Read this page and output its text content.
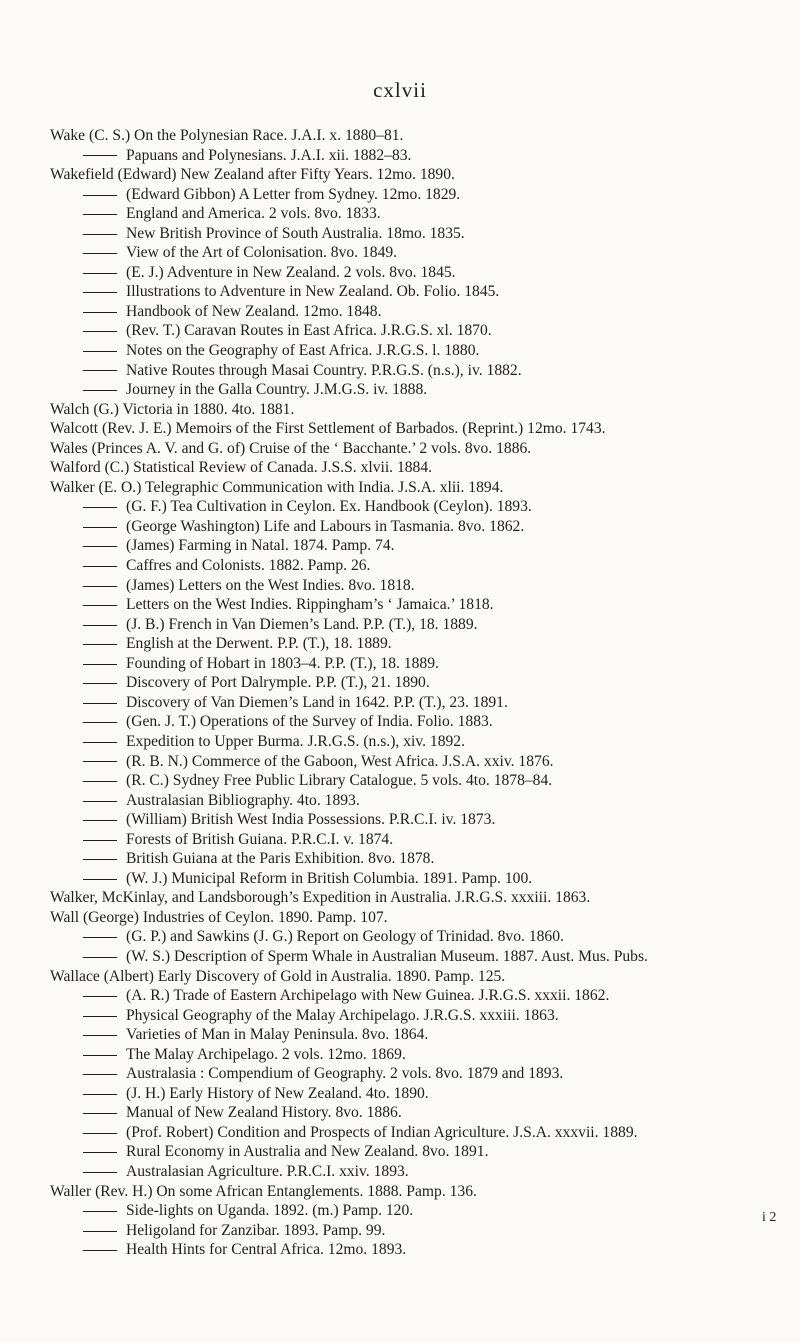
cxlvii
Wake (C. S.) On the Polynesian Race. J.A.I. x. 1880–81.
Papuans and Polynesians. J.A.I. xii. 1882–83.
Wakefield (Edward) New Zealand after Fifty Years. 12mo. 1890.
(Edward Gibbon) A Letter from Sydney. 12mo. 1829.
England and America. 2 vols. 8vo. 1833.
New British Province of South Australia. 18mo. 1835.
View of the Art of Colonisation. 8vo. 1849.
(E. J.) Adventure in New Zealand. 2 vols. 8vo. 1845.
Illustrations to Adventure in New Zealand. Ob. Folio. 1845.
Handbook of New Zealand. 12mo. 1848.
(Rev. T.) Caravan Routes in East Africa. J.R.G.S. xl. 1870.
Notes on the Geography of East Africa. J.R.G.S. l. 1880.
Native Routes through Masai Country. P.R.G.S. (n.s.), iv. 1882.
Journey in the Galla Country. J.M.G.S. iv. 1888.
Walch (G.) Victoria in 1880. 4to. 1881.
Walcott (Rev. J. E.) Memoirs of the First Settlement of Barbados. (Reprint.) 12mo. 1743.
Wales (Princes A. V. and G. of) Cruise of the ‘ Bacchante.’ 2 vols. 8vo. 1886.
Walford (C.) Statistical Review of Canada. J.S.S. xlvii. 1884.
Walker (E. O.) Telegraphic Communication with India. J.S.A. xlii. 1894.
(G. F.) Tea Cultivation in Ceylon. Ex. Handbook (Ceylon). 1893.
(George Washington) Life and Labours in Tasmania. 8vo. 1862.
(James) Farming in Natal. 1874. Pamp. 74.
Caffres and Colonists. 1882. Pamp. 26.
(James) Letters on the West Indies. 8vo. 1818.
Letters on the West Indies. Rippingham’s ‘ Jamaica.’ 1818.
(J. B.) French in Van Diemen’s Land. P.P. (T.), 18. 1889.
English at the Derwent. P.P. (T.), 18. 1889.
Founding of Hobart in 1803–4. P.P. (T.), 18. 1889.
Discovery of Port Dalrymple. P.P. (T.), 21. 1890.
Discovery of Van Diemen’s Land in 1642. P.P. (T.), 23. 1891.
(Gen. J. T.) Operations of the Survey of India. Folio. 1883.
Expedition to Upper Burma. J.R.G.S. (n.s.), xiv. 1892.
(R. B. N.) Commerce of the Gaboon, West Africa. J.S.A. xxiv. 1876.
(R. C.) Sydney Free Public Library Catalogue. 5 vols. 4to. 1878–84.
Australasian Bibliography. 4to. 1893.
(William) British West India Possessions. P.R.C.I. iv. 1873.
Forests of British Guiana. P.R.C.I. v. 1874.
British Guiana at the Paris Exhibition. 8vo. 1878.
(W. J.) Municipal Reform in British Columbia. 1891. Pamp. 100.
Walker, McKinlay, and Landsborough’s Expedition in Australia. J.R.G.S. xxxiii. 1863.
Wall (George) Industries of Ceylon. 1890. Pamp. 107.
(G. P.) and Sawkins (J. G.) Report on Geology of Trinidad. 8vo. 1860.
(W. S.) Description of Sperm Whale in Australian Museum. 1887. Aust. Mus. Pubs.
Wallace (Albert) Early Discovery of Gold in Australia. 1890. Pamp. 125.
(A. R.) Trade of Eastern Archipelago with New Guinea. J.R.G.S. xxxii. 1862.
Physical Geography of the Malay Archipelago. J.R.G.S. xxxiii. 1863.
Varieties of Man in Malay Peninsula. 8vo. 1864.
The Malay Archipelago. 2 vols. 12mo. 1869.
Australasia : Compendium of Geography. 2 vols. 8vo. 1879 and 1893.
(J. H.) Early History of New Zealand. 4to. 1890.
Manual of New Zealand History. 8vo. 1886.
(Prof. Robert) Condition and Prospects of Indian Agriculture. J.S.A. xxxvii. 1889.
Rural Economy in Australia and New Zealand. 8vo. 1891.
Australasian Agriculture. P.R.C.I. xxiv. 1893.
Waller (Rev. H.) On some African Entanglements. 1888. Pamp. 136.
Side-lights on Uganda. 1892. (m.) Pamp. 120.
Heligoland for Zanzibar. 1893. Pamp. 99.
Health Hints for Central Africa. 12mo. 1893.
i 2
